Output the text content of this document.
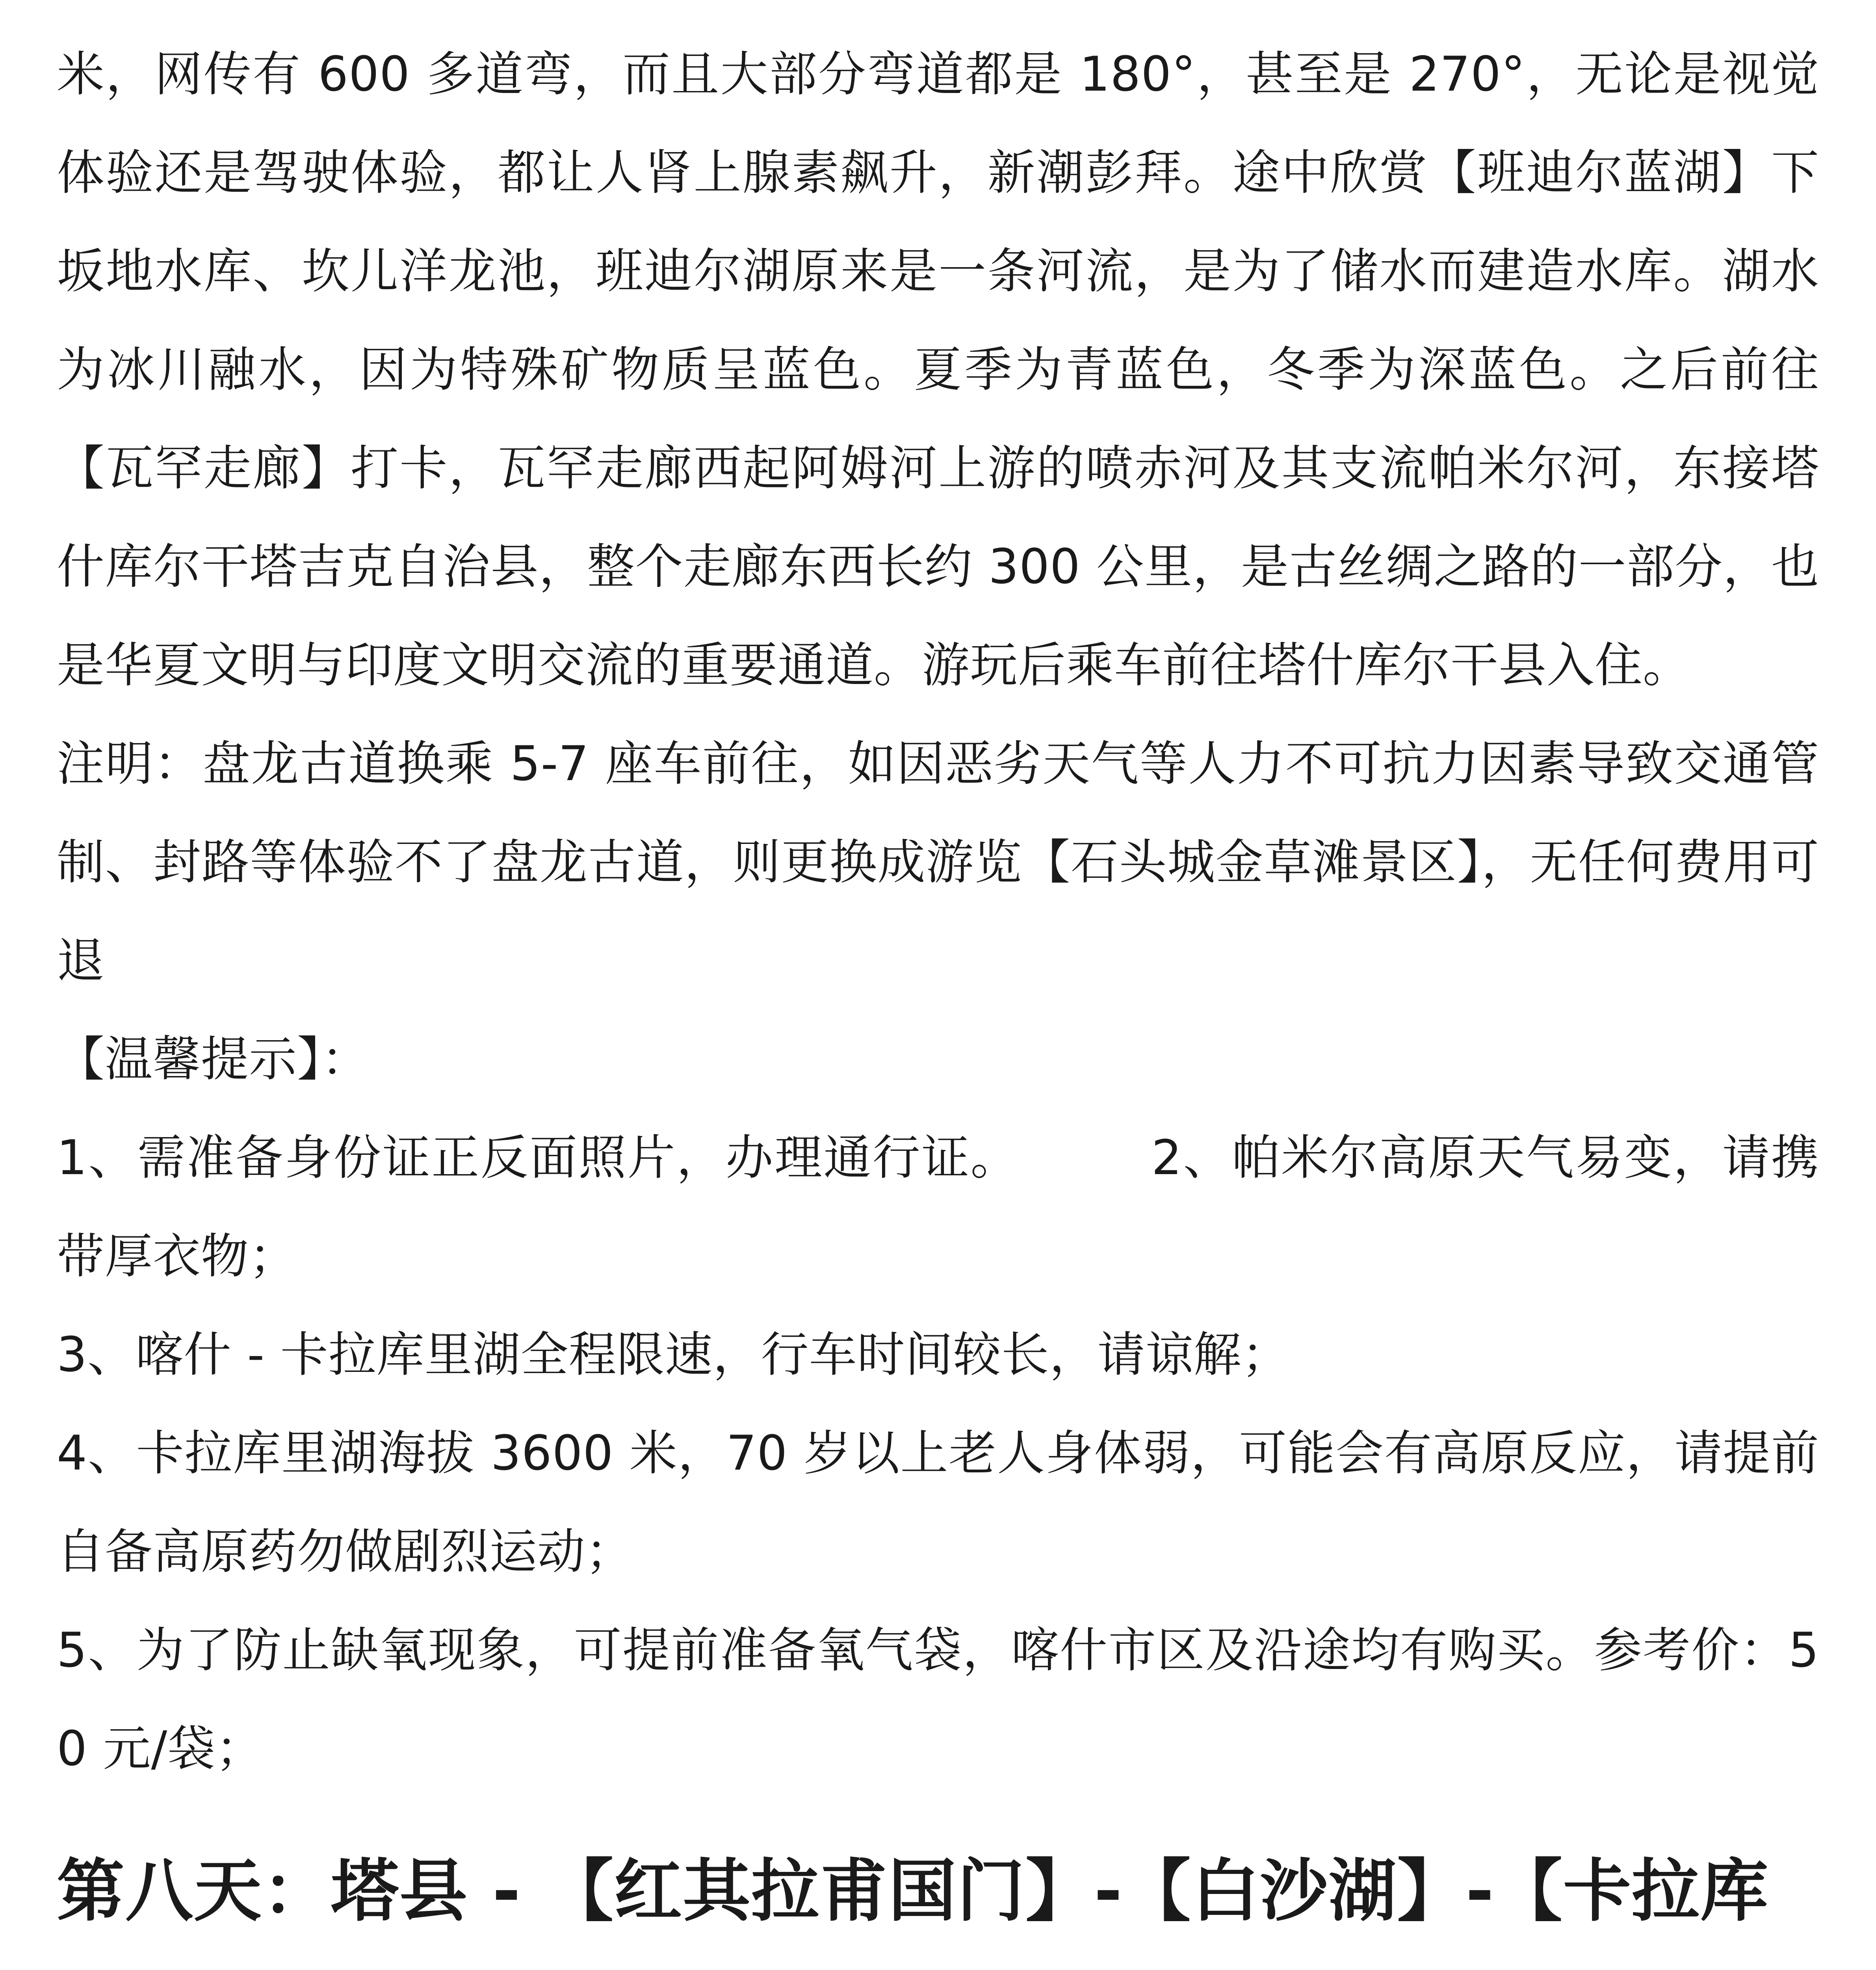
米，网传有 600 多道弯，而且大部分弯道都是 180°，甚至是 270°，无论是视觉体验还是驾驶体验，都让人肾上腺素飙升，新潮彭拜。途中欣赏【班迪尔蓝湖】下坂地水库、坎儿洋龙池，班迪尔湖原来是一条河流，是为了储水而建造水库。湖水为冰川融水，因为特殊矿物质呈蓝色。夏季为青蓝色，冬季为深蓝色。之后前往【瓦罕走廊】打卡，瓦罕走廊西起阿姆河上游的喷赤河及其支流帕米尔河，东接塔什库尔干塔吉克自治县，整个走廊东西长约 300 公里，是古丝绸之路的一部分，也是华夏文明与印度文明交流的重要通道。游玩后乘车前往塔什库尔干县入住。

注明：盘龙古道换乘 5-7 座车前往，如因恶劣天气等人力不可抗力因素导致交通管制、封路等体验不了盘龙古道，则更换成游览【石头城金草滩景区】，无任何费用可退

【温馨提示】：

1、需准备身份证正反面照片，办理通行证。        2、帕米尔高原天气易变，请携带厚衣物；

3、喀什 - 卡拉库里湖全程限速，行车时间较长，请谅解；

4、卡拉库里湖海拔 3600 米，70 岁以上老人身体弱，可能会有高原反应，请提前自备高原药勿做剧烈运动；

5、为了防止缺氧现象，可提前准备氧气袋，喀什市区及沿途均有购买。参考价：50 元/袋；

第八天：塔县 - 【红其拉甫国门】-【白沙湖】-【卡拉库 　
